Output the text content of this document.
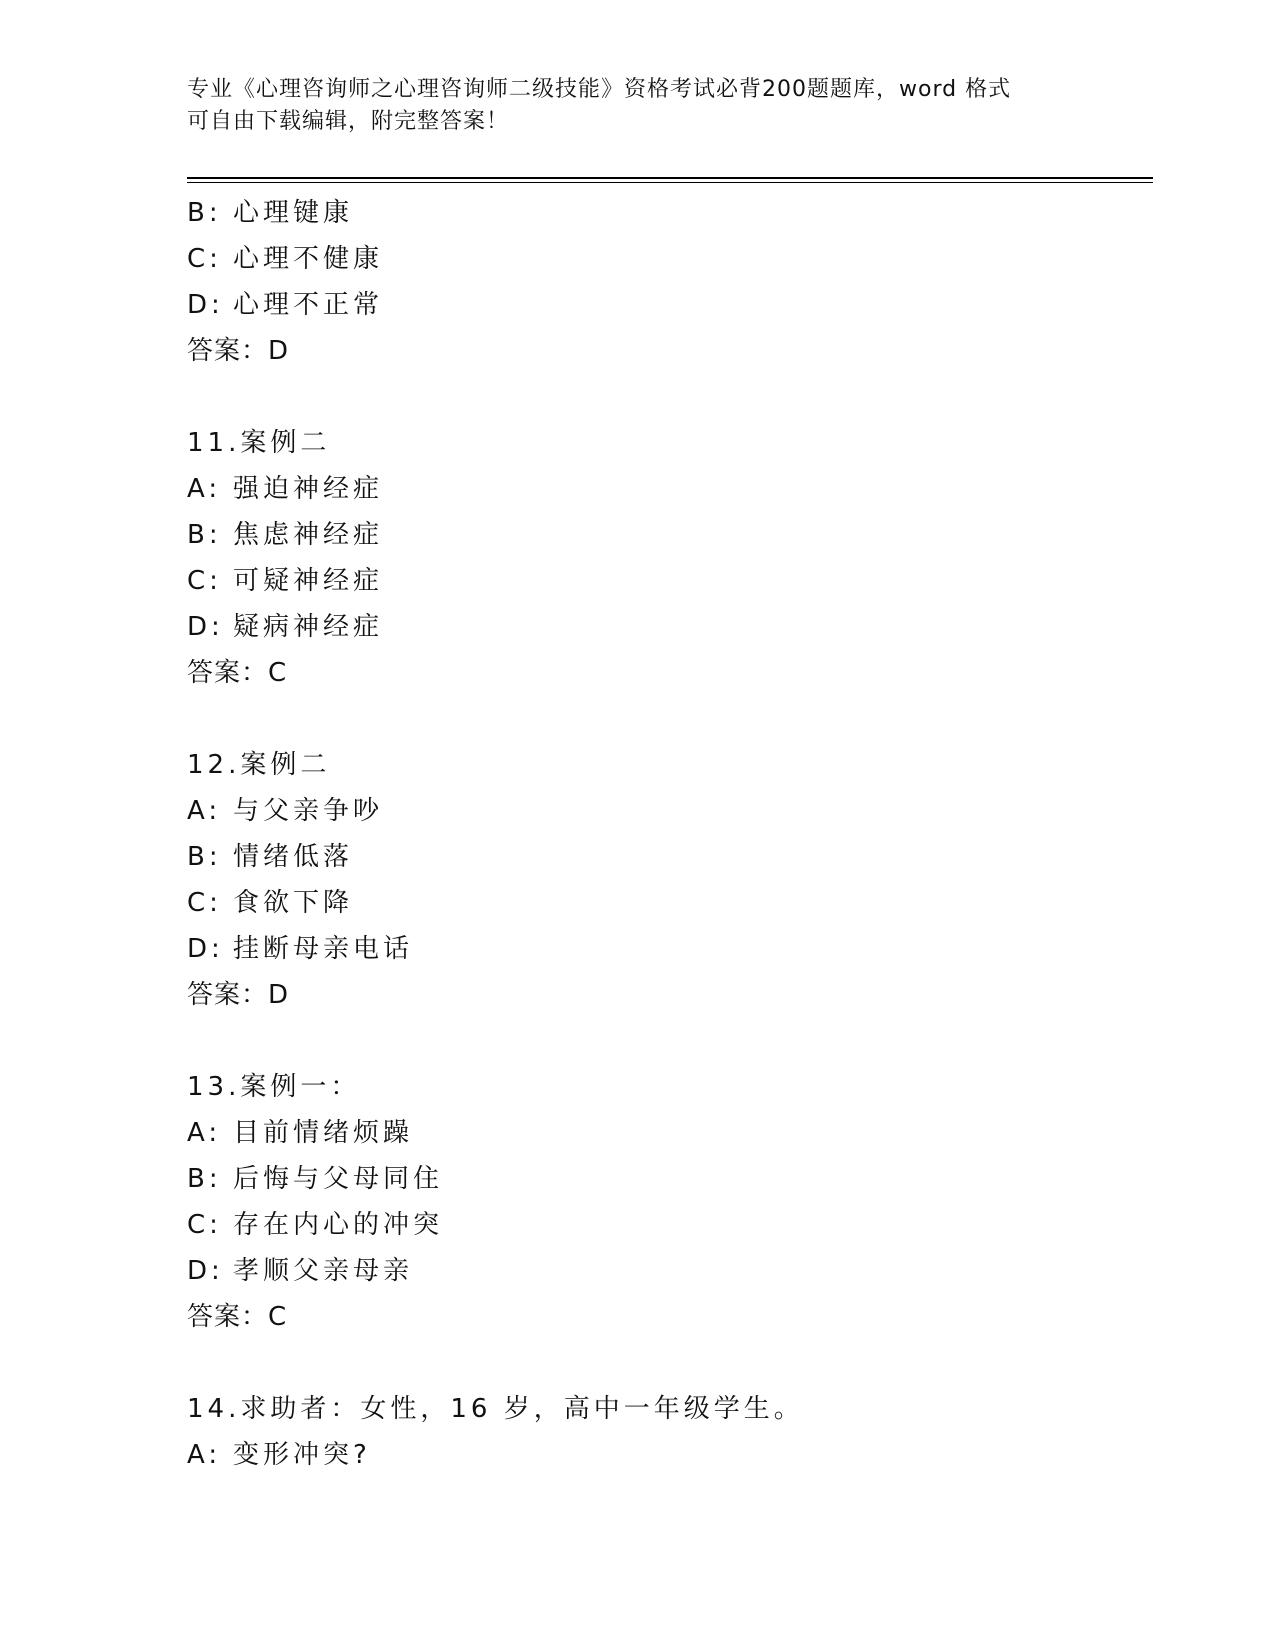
专业《心理咨询师之心理咨询师二级技能》资格考试必背200题题库，word 格式
可自由下载编辑，附完整答案！
B: 心理键康
C: 心理不健康
D: 心理不正常
答案：D
11.案例二
A: 强迫神经症
B: 焦虑神经症
C: 可疑神经症
D: 疑病神经症
答案：C
12.案例二
A: 与父亲争吵
B: 情绪低落
C: 食欲下降
D: 挂断母亲电话
答案：D
13.案例一：
A: 目前情绪烦躁
B: 后悔与父母同住
C: 存在内心的冲突
D: 孝顺父亲母亲
答案：C
14.求助者：女性，16 岁，高中一年级学生。
A: 变形冲突?
